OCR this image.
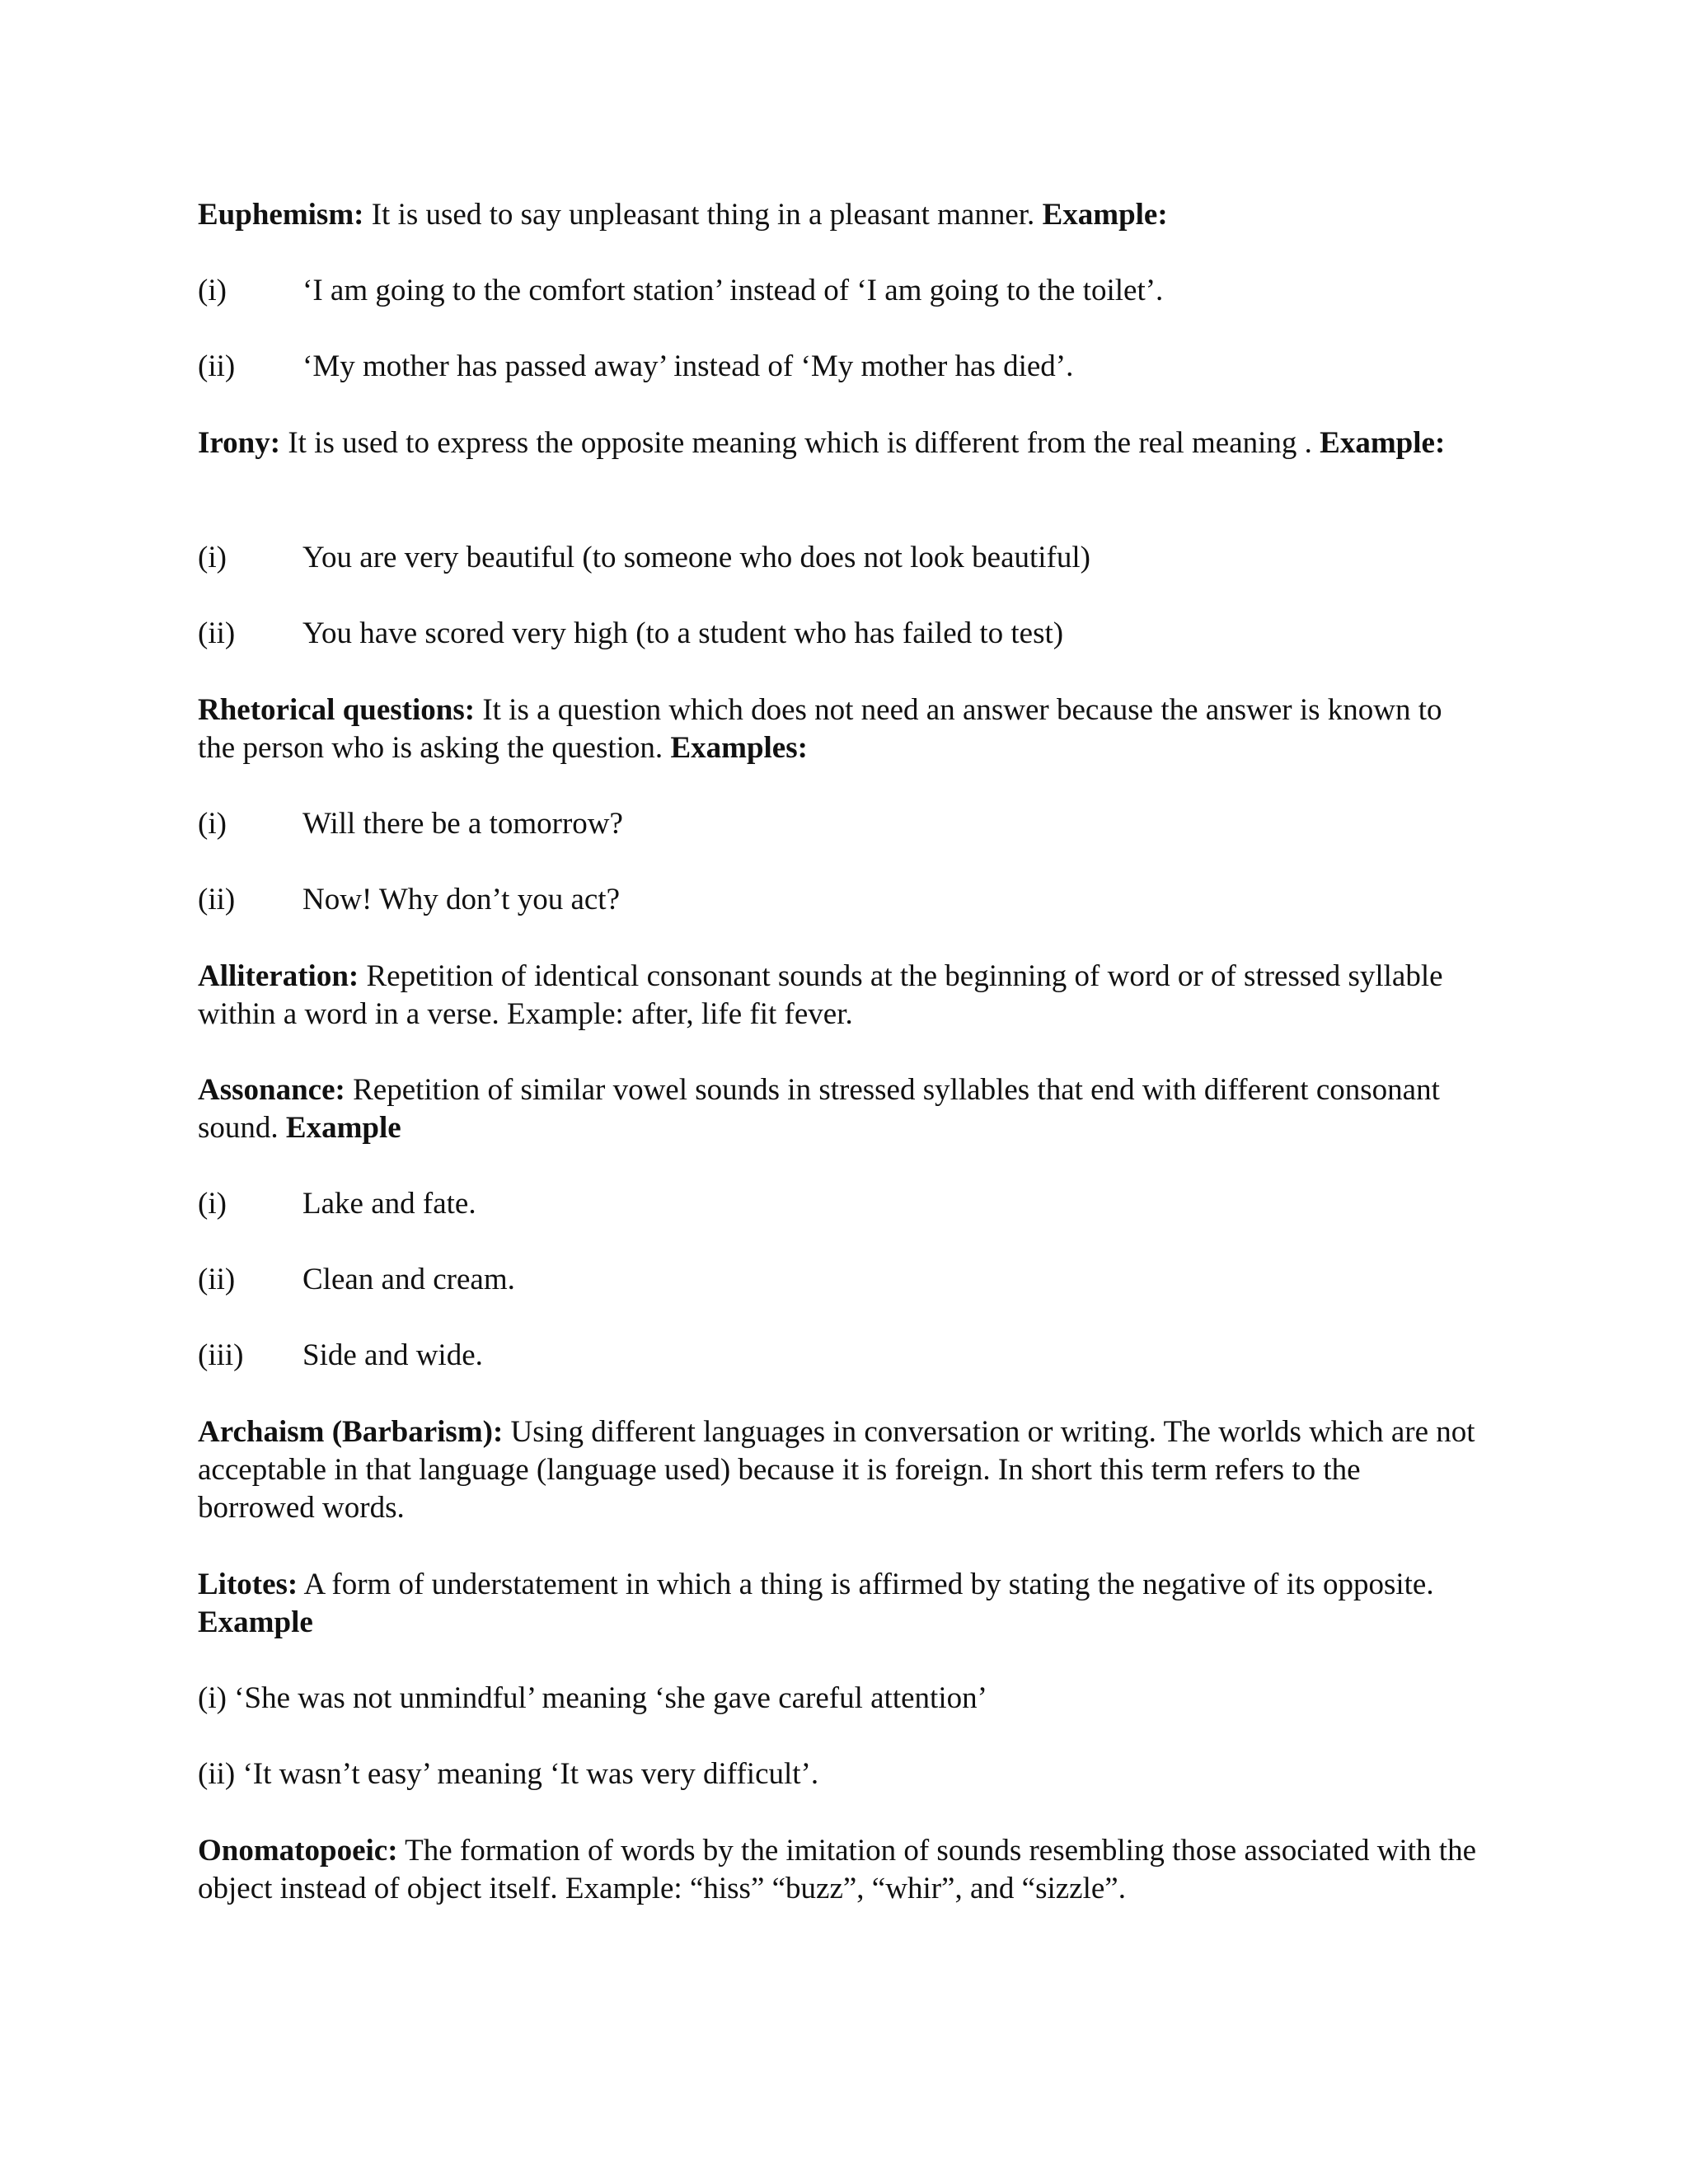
Euphemism: It is used to say unpleasant thing in a pleasant manner. Example:
(i) ‘I am going to the comfort station’ instead of ‘I am going to the toilet’.
(ii) ‘My mother has passed away’ instead of ‘My mother has died’.
Irony: It is used to express the opposite meaning which is different from the real meaning . Example:
(i) You are very beautiful (to someone who does not look beautiful)
(ii) You have scored very high (to a student who has failed to test)
Rhetorical questions: It is a question which does not need an answer because the answer is known to the person who is asking the question. Examples:
(i) Will there be a tomorrow?
(ii) Now! Why don’t you act?
Alliteration: Repetition of identical consonant sounds at the beginning of word or of stressed syllable within a word in a verse. Example: after, life fit fever.
Assonance: Repetition of similar vowel sounds in stressed syllables that end with different consonant sound. Example
(i) Lake and fate.
(ii) Clean and cream.
(iii) Side and wide.
Archaism (Barbarism): Using different languages in conversation or writing. The worlds which are not acceptable in that language (language used) because it is foreign. In short this term refers to the borrowed words.
Litotes: A form of understatement in which a thing is affirmed by stating the negative of its opposite. Example
(i) ‘She was not unmindful’ meaning ‘she gave careful attention’
(ii) ‘It wasn’t easy’ meaning ‘It was very difficult’.
Onomatopoeic: The formation of words by the imitation of sounds resembling those associated with the object instead of object itself. Example: “hiss” “buzz”, “whir”, and “sizzle”.
